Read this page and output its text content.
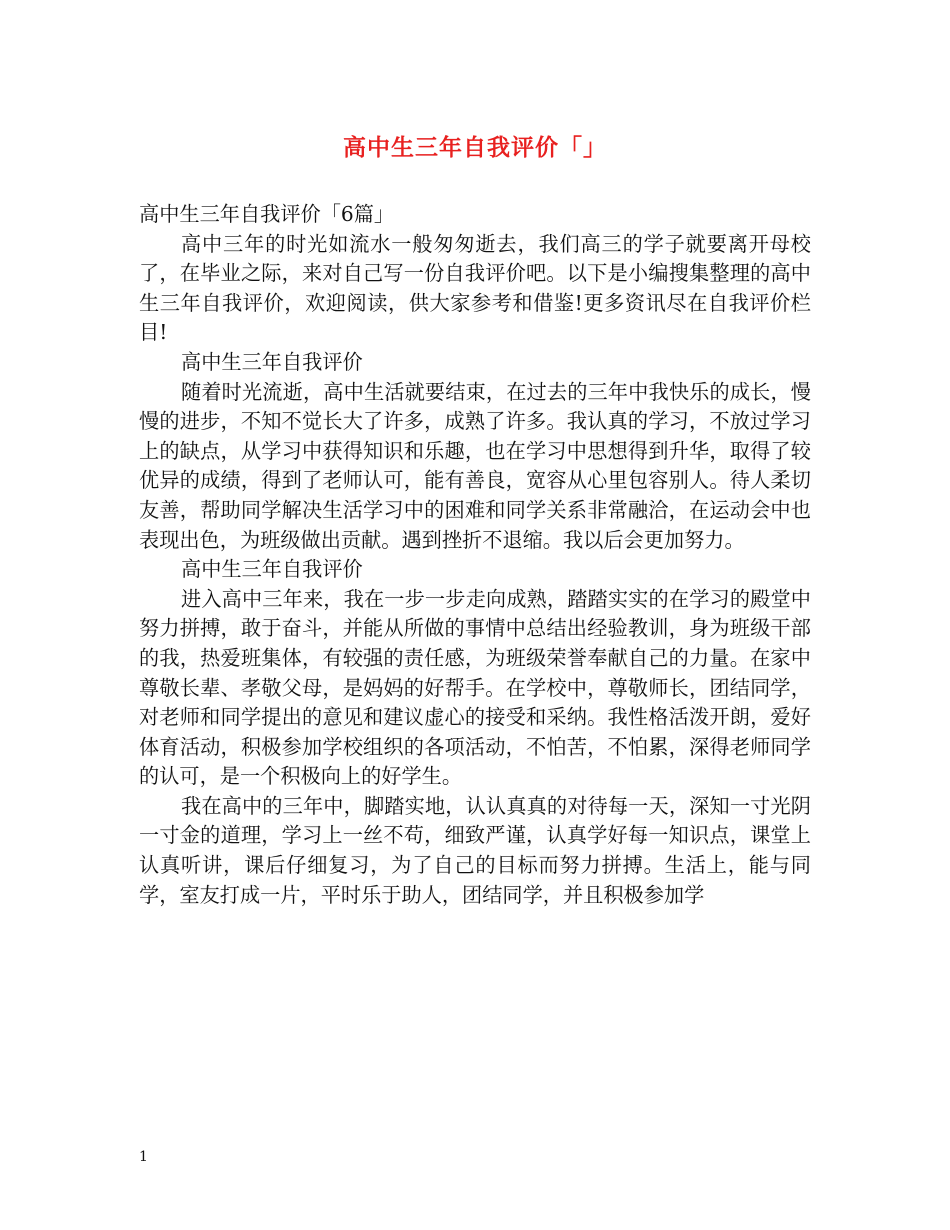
高中生三年自我评价「」

高中生三年自我评价「6篇」

高中三年的时光如流水一般匆匆逝去，我们高三的学子就要离开母校了，在毕业之际，来对自己写一份自我评价吧。以下是小编搜集整理的高中生三年自我评价，欢迎阅读，供大家参考和借鉴!更多资讯尽在自我评价栏目!

高中生三年自我评价

随着时光流逝，高中生活就要结束，在过去的三年中我快乐的成长，慢慢的进步，不知不觉长大了许多，成熟了许多。我认真的学习，不放过学习上的缺点，从学习中获得知识和乐趣，也在学习中思想得到升华，取得了较优异的成绩，得到了老师认可，能有善良，宽容从心里包容别人。待人柔切友善，帮助同学解决生活学习中的困难和同学关系非常融洽，在运动会中也表现出色，为班级做出贡献。遇到挫折不退缩。我以后会更加努力。

高中生三年自我评价

进入高中三年来，我在一步一步走向成熟，踏踏实实的在学习的殿堂中努力拼搏，敢于奋斗，并能从所做的事情中总结出经验教训，身为班级干部的我，热爱班集体，有较强的责任感，为班级荣誉奉献自己的力量。在家中尊敬长辈、孝敬父母，是妈妈的好帮手。在学校中，尊敬师长，团结同学，对老师和同学提出的意见和建议虚心的接受和采纳。我性格活泼开朗，爱好体育活动，积极参加学校组织的各项活动，不怕苦，不怕累，深得老师同学的认可，是一个积极向上的好学生。

我在高中的三年中，脚踏实地，认认真真的对待每一天，深知一寸光阴一寸金的道理，学习上一丝不苟，细致严谨，认真学好每一知识点，课堂上认真听讲，课后仔细复习，为了自己的目标而努力拼搏。生活上，能与同学，室友打成一片，平时乐于助人，团结同学，并且积极参加学

1
